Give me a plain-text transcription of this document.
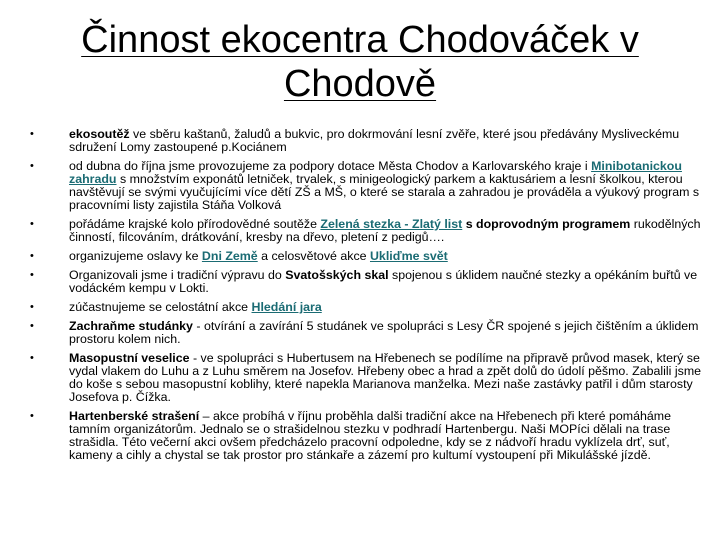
Činnost ekocentra Chodováček v
Chodově
•	ekosoutěž ve sběru kaštanů, žaludů a bukvic, pro dokrmování lesní zvěře, které jsou předávány Mysliveckému sdružení Lomy zastoupené p.Kociánem
•	od dubna do října jsme provozujeme za podpory dotace Města Chodov a Karlovarského kraje i Minibotanickou zahradu s množstvím exponátů letniček, trvalek, s minigeologický parkem a kaktusáriem a lesní školkou, kterou navštěvují se svými vyučujícími více dětí ZŠ a MŠ, o které se starala a zahradou je prováděla a výukový program s pracovními listy zajistila Stáňa Volková
•	pořádáme krajské kolo přírodovědné soutěže Zelená stezka - Zlatý list s doprovodným programem rukodělných činností, filcováním, drátkování, kresby na dřevo, pletení z pedigů….
•	organizujeme oslavy ke Dni Země a celosvětové akce Ukliďme svět
•	Organizovali jsme i tradiční výpravu do Svatošských skal spojenou s úklidem naučné stezky a opékáním buřtů ve vodáckém kempu v Lokti.
•	zúčastnujeme se celostátní akce Hledání jara
•	Zachraňme studánky - otvírání a zavírání 5 studánek ve spolupráci s Lesy ČR spojené s jejich čištěním a úklidem prostoru kolem nich.
•	Masopustní veselice - ve spolupráci s Hubertusem na Hřebenech se podílíme na připravě průvod masek, který se vydal vlakem do Luhu a z Luhu směrem na Josefov. Hřebeny obec a hrad a zpět dolů do údolí pěšmo. Zabalili jsme do koše s sebou masopustní koblihy, které napekla Marianova manželka. Mezi naše zastávky patřil i dům starosty Josefova p. Čížka.
•	Hartenberské strašení – akce probíhá v říjnu proběhla dalši tradiční akce na Hřebenech při které pomáháme tamním organizátorům. Jednalo se o strašidelnou stezku v podhradí Hartenbergu. Naši MOPíci dělali na trase strašidla. Této večerní akci ovšem předcházelo pracovní odpoledne, kdy se z nádvoří hradu vyklízela drť, suť, kameny a cihly a chystal se tak prostor pro stánkaře a zázemí pro kultumí vystoupení při Mikulášské jízdě.
